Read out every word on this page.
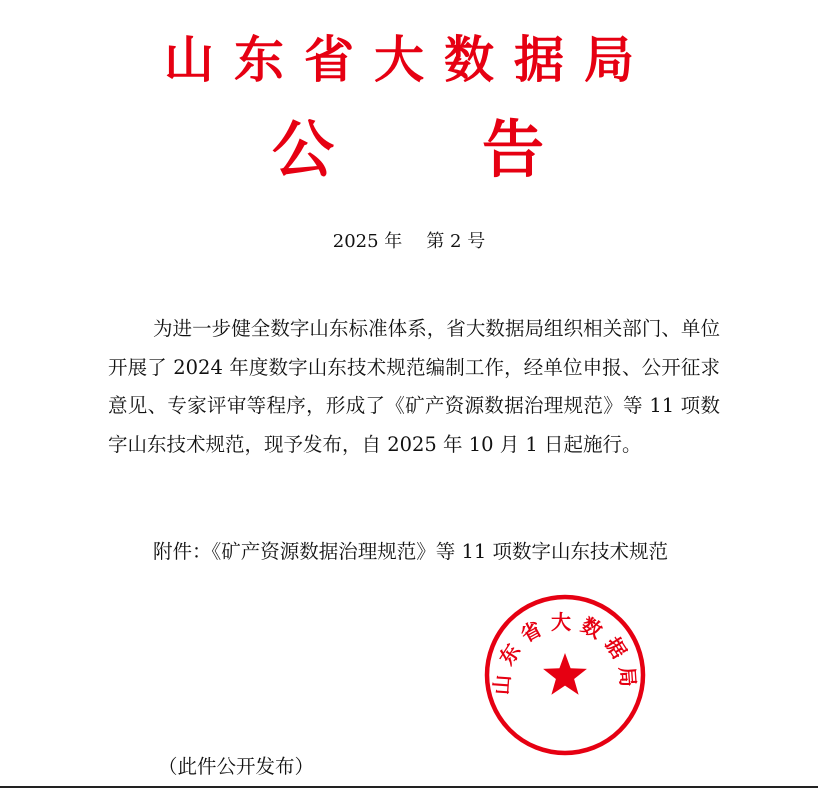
山东省大数据局
公 告
2025 年 第 2 号

为进一步健全数字山东标准体系，省大数据局组织相关部门、单位开展了 2024 年度数字山东技术规范编制工作，经单位申报、公开征求意见、专家评审等程序，形成了《矿产资源数据治理规范》等 11 项数字山东技术规范，现予发布，自 2025 年 10 月 1 日起施行。

附件：《矿产资源数据治理规范》等 11 项数字山东技术规范
山东省大数据局
（此件公开发布）
